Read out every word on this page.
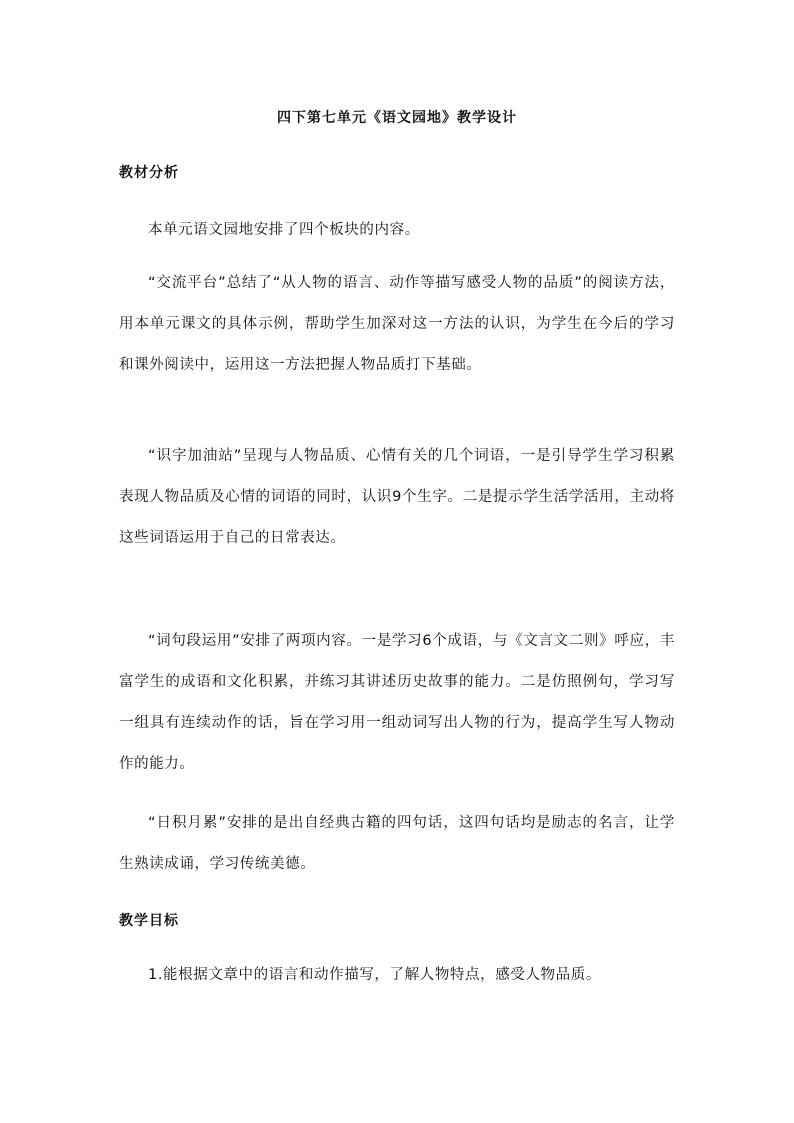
四下第七单元《语文园地》教学设计
教材分析

本单元语文园地安排了四个板块的内容。

“交流平台”总结了“从人物的语言、动作等描写感受人物的品质”的阅读方法，用本单元课文的具体示例，帮助学生加深对这一方法的认识，为学生在今后的学习和课外阅读中，运用这一方法把握人物品质打下基础。

“识字加油站”呈现与人物品质、心情有关的几个词语，一是引导学生学习积累表现人物品质及心情的词语的同时，认识9个生字。二是提示学生活学活用，主动将这些词语运用于自己的日常表达。

“词句段运用”安排了两项内容。一是学习6个成语，与《文言文二则》呼应，丰富学生的成语和文化积累，并练习其讲述历史故事的能力。二是仿照例句，学习写一组具有连续动作的话，旨在学习用一组动词写出人物的行为，提高学生写人物动作的能力。

“日积月累”安排的是出自经典古籍的四句话，这四句话均是励志的名言，让学生熟读成诵，学习传统美德。

教学目标

1.能根据文章中的语言和动作描写，了解人物特点，感受人物品质。
